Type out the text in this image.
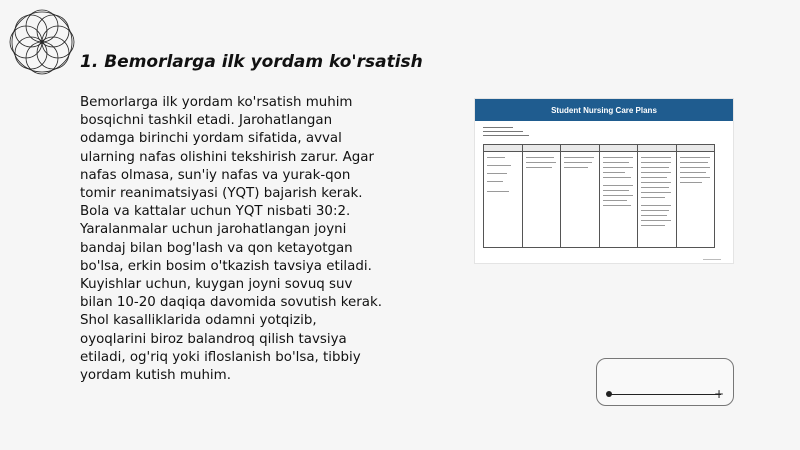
1. Bemorlarga ilk yordam ko'rsatish
Bemorlarga ilk yordam ko'rsatish muhim
bosqichni tashkil etadi. Jarohatlangan
odamga birinchi yordam sifatida, avval
ularning nafas olishini tekshirish zarur. Agar
nafas olmasa, sun'iy nafas va yurak-qon
tomir reanimatsiyasi (YQT) bajarish kerak.
Bola va kattalar uchun YQT nisbati 30:2.
Yaralanmalar uchun jarohatlangan joyni
bandaj bilan bog'lash va qon ketayotgan
bo'lsa, erkin bosim o'tkazish tavsiya etiladi.
Kuyishlar uchun, kuygan joyni sovuq suv
bilan 10-20 daqiqa davomida sovutish kerak.
Shol kasalliklarida odamni yotqizib,
oyoqlarini biroz balandroq qilish tavsiya
etiladi, og'riq yoki ifloslanish bo'lsa, tibbiy
yordam kutish muhim.
Student Nursing Care Plans
+
